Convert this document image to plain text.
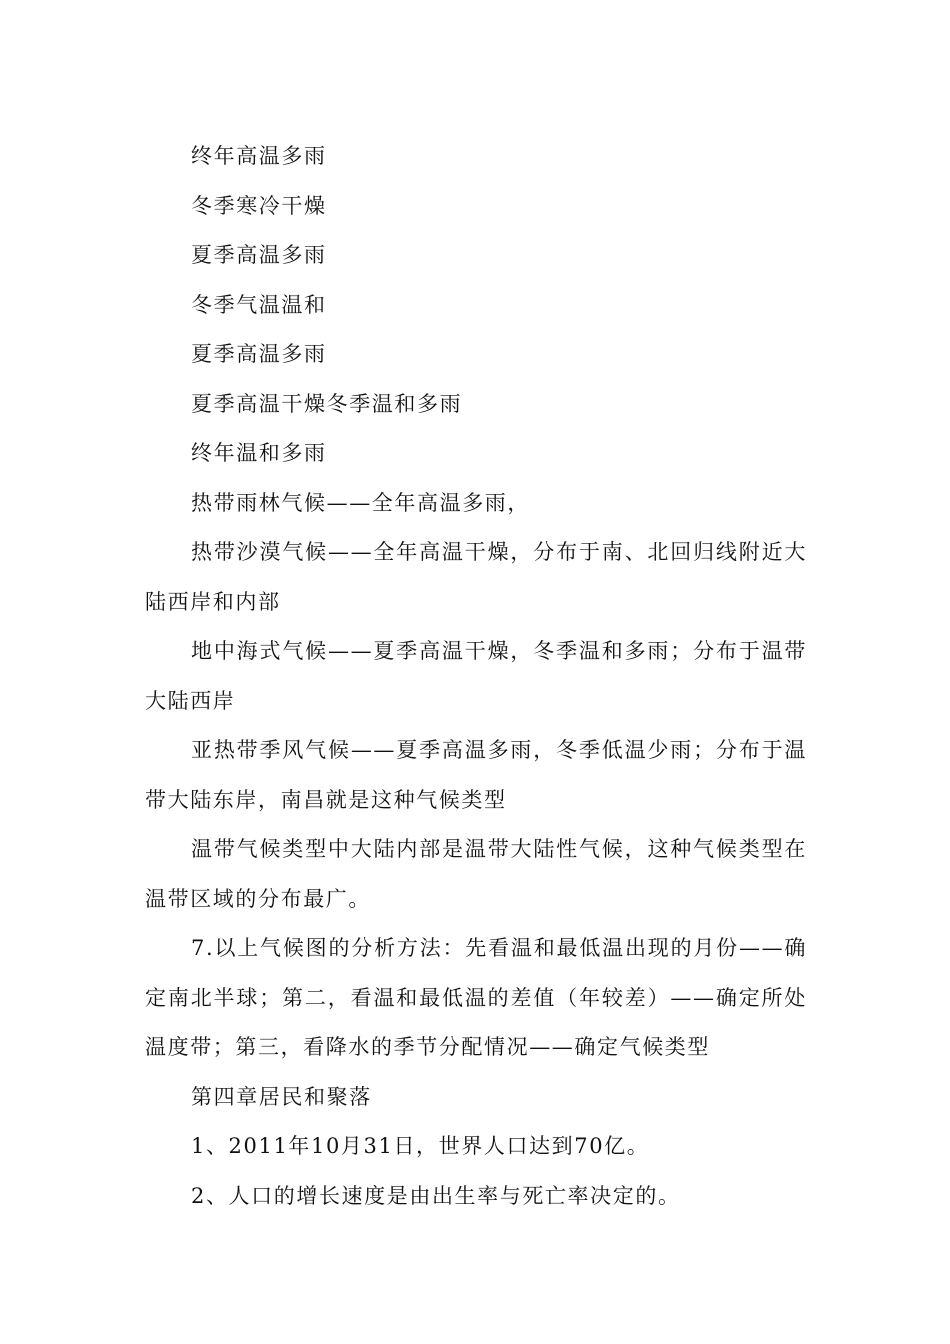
终年高温多雨

冬季寒冷干燥

夏季高温多雨

冬季气温温和

夏季高温多雨

夏季高温干燥冬季温和多雨

终年温和多雨

热带雨林气候——全年高温多雨，

热带沙漠气候——全年高温干燥，分布于南、北回归线附近大陆西岸和内部

地中海式气候——夏季高温干燥，冬季温和多雨；分布于温带大陆西岸

亚热带季风气候——夏季高温多雨，冬季低温少雨；分布于温带大陆东岸，南昌就是这种气候类型

温带气候类型中大陆内部是温带大陆性气候，这种气候类型在温带区域的分布最广。

7.以上气候图的分析方法：先看温和最低温出现的月份——确定南北半球；第二，看温和最低温的差值（年较差）——确定所处温度带；第三，看降水的季节分配情况——确定气候类型

第四章居民和聚落

1、2011年10月31日，世界人口达到70亿。

2、人口的增长速度是由出生率与死亡率决定的。
